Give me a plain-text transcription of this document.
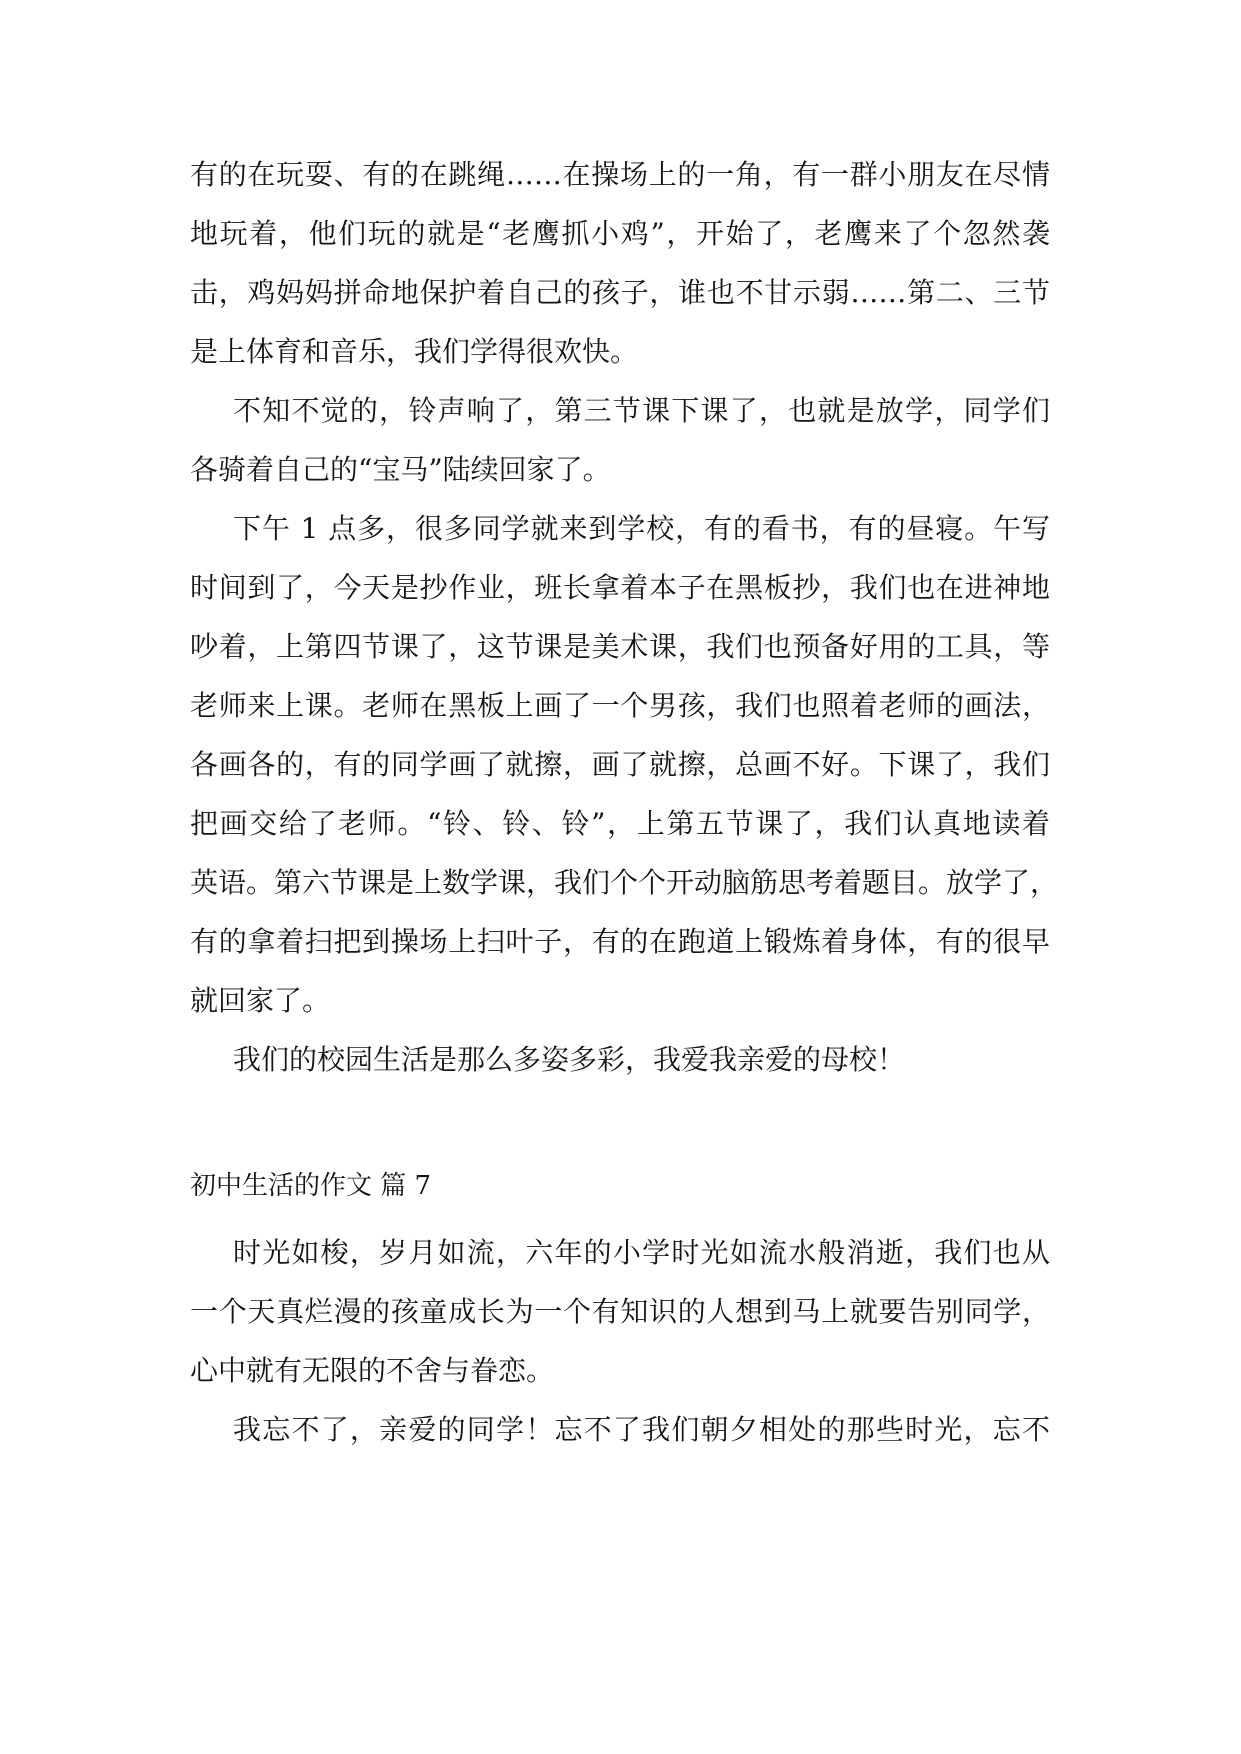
有的在玩耍、有的在跳绳……在操场上的一角，有一群小朋友在尽情
地玩着，他们玩的就是“老鹰抓小鸡”，开始了，老鹰来了个忽然袭
击，鸡妈妈拼命地保护着自己的孩子，谁也不甘示弱……第二、三节
是上体育和音乐，我们学得很欢快。
不知不觉的，铃声响了，第三节课下课了，也就是放学，同学们
各骑着自己的“宝马”陆续回家了。
下午 1 点多，很多同学就来到学校，有的看书，有的昼寝。午写
时间到了，今天是抄作业，班长拿着本子在黑板抄，我们也在进神地
吵着，上第四节课了，这节课是美术课，我们也预备好用的工具，等
老师来上课。老师在黑板上画了一个男孩，我们也照着老师的画法，
各画各的，有的同学画了就擦，画了就擦，总画不好。下课了，我们
把画交给了老师。“铃、铃、铃”，上第五节课了，我们认真地读着
英语。第六节课是上数学课，我们个个开动脑筋思考着题目。放学了，
有的拿着扫把到操场上扫叶子，有的在跑道上锻炼着身体，有的很早
就回家了。
我们的校园生活是那么多姿多彩，我爱我亲爱的母校！
初中生活的作文 篇 7
时光如梭，岁月如流，六年的小学时光如流水般消逝，我们也从
一个天真烂漫的孩童成长为一个有知识的人想到马上就要告别同学，
心中就有无限的不舍与眷恋。
我忘不了，亲爱的同学！忘不了我们朝夕相处的那些时光，忘不
